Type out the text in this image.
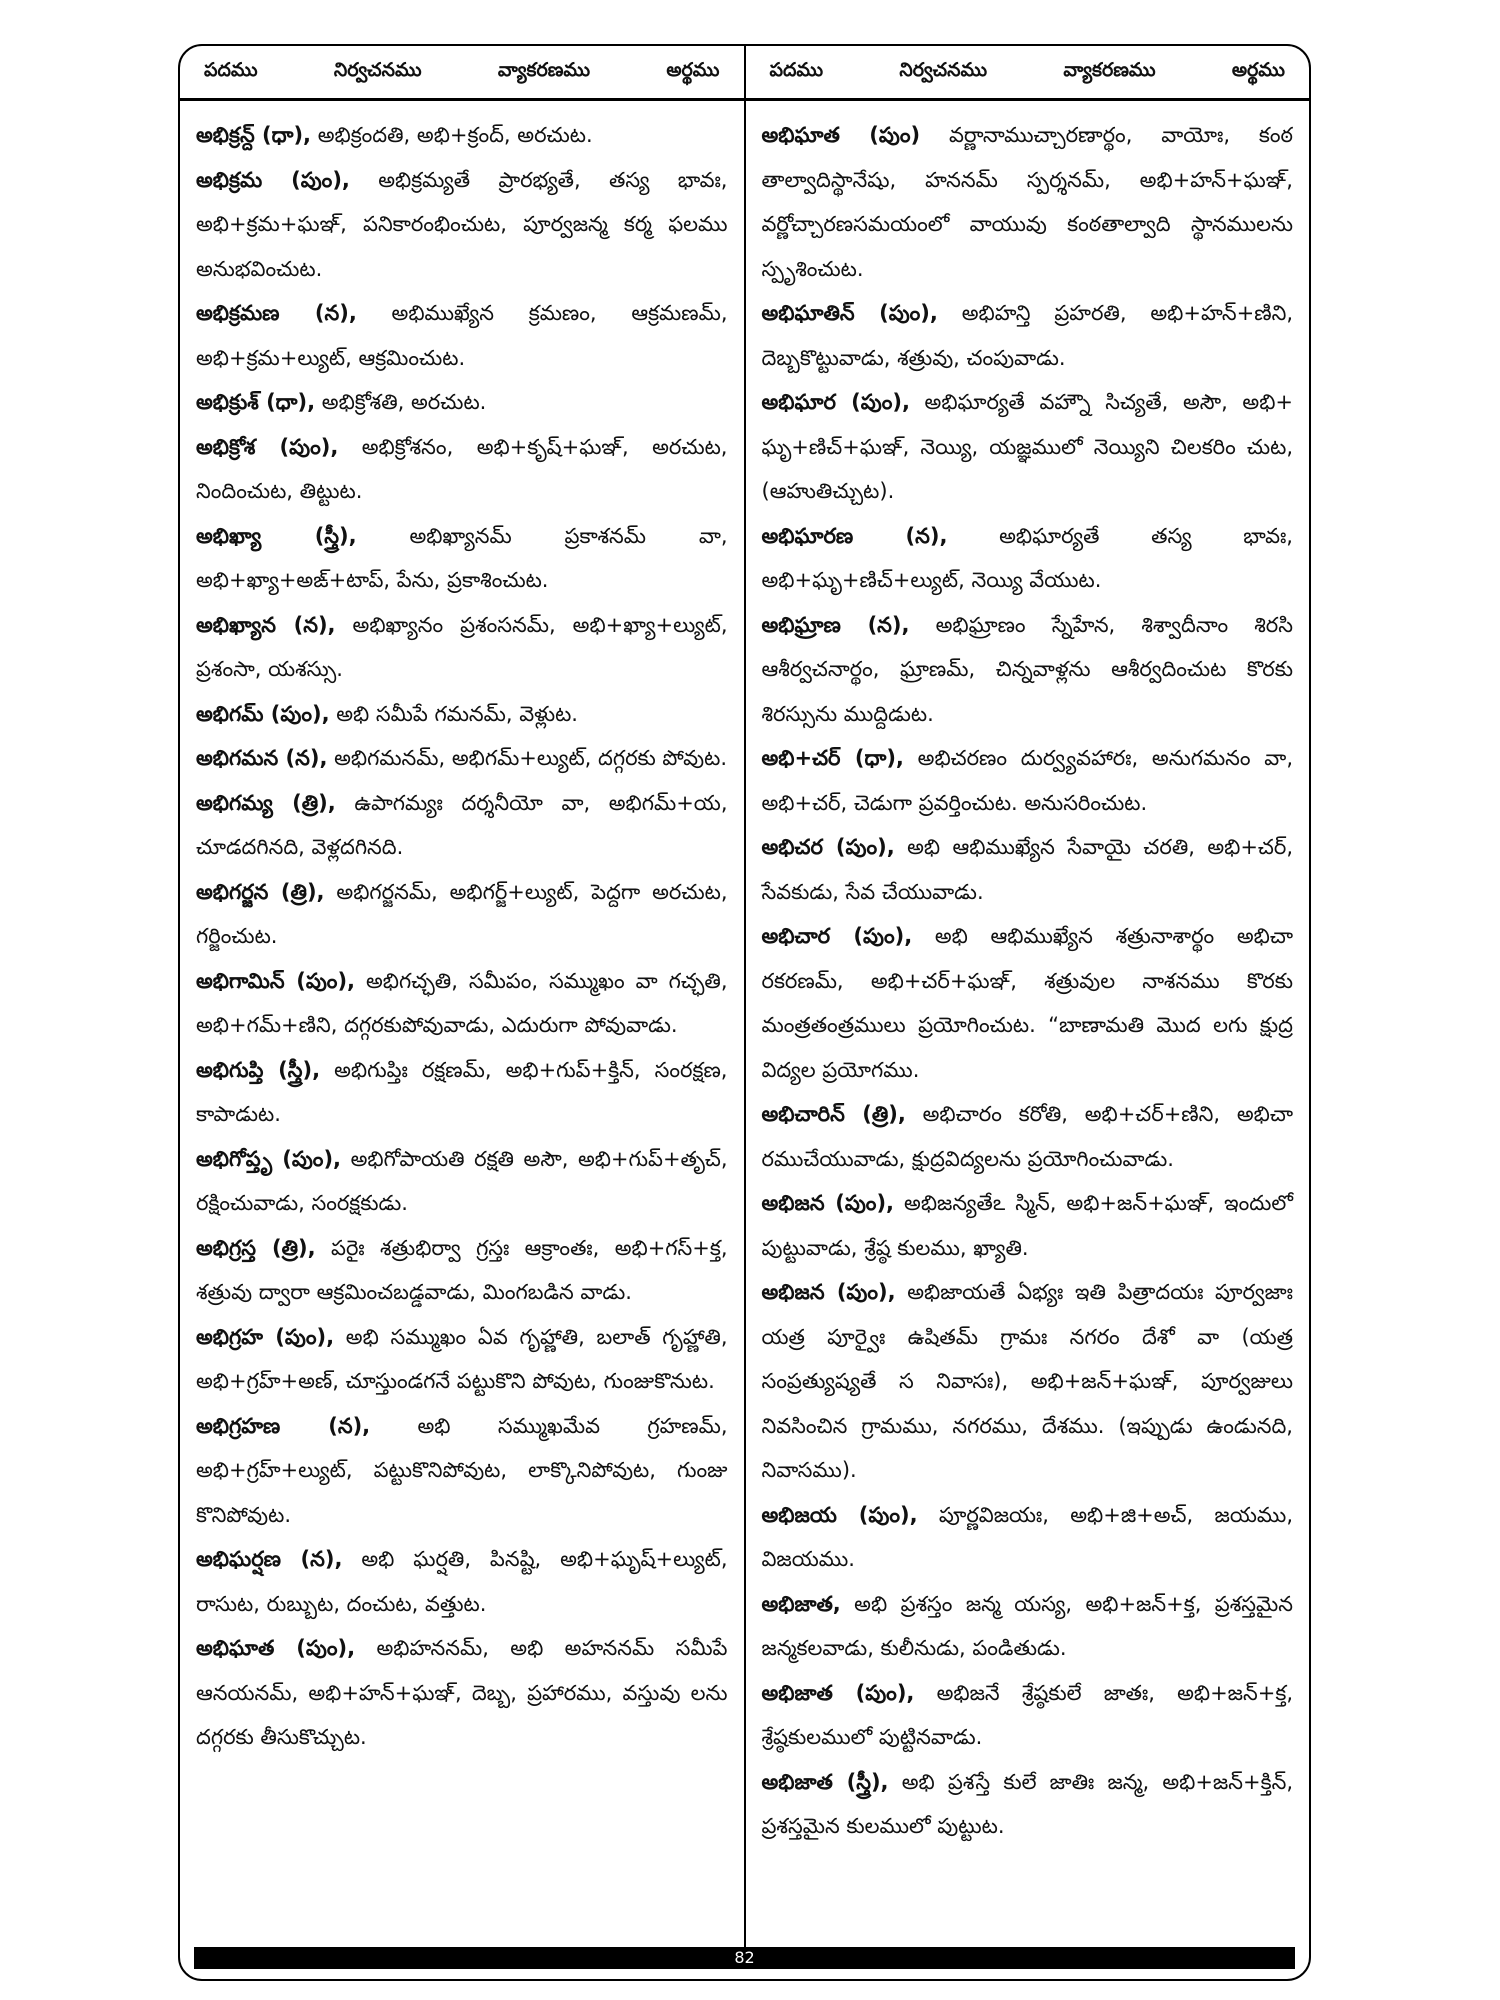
పదము	నిర్వచనము	వ్యాకరణము	అర్థము	పదము	నిర్వచనము	వ్యాకరణము	అర్థము

అభిక్రన్ద్ (ధా), అభిక్రందతి, అభి+క్రంద్, అరచుట.

అభిక్రమ (పుం), అభిక్రమ్యతే ప్రారభ్యతే, తస్య భావః, అభి+క్రమ+ఘఞ్, పనికారంభించుట, పూర్వజన్మ కర్మ ఫలము అనుభవించుట.

అభిక్రమణ (న), అభిముఖ్యేన క్రమణం, ఆక్రమణమ్, అభి+క్రమ+ల్యుట్, ఆక్రమించుట.

అభిక్రుశ్ (ధా), అభిక్రోశతి, అరచుట.

అభిక్రోశ (పుం), అభిక్రోశనం, అభి+కృష్+ఘఞ్, అరచుట, నిందించుట, తిట్టుట.

అభిఖ్యా (స్త్రీ), అభిఖ్యానమ్ ప్రకాశనమ్ వా, అభి+ఖ్యా+అఙ్+టాప్, పేను, ప్రకాశించుట.

అభిఖ్యాన (న), అభిఖ్యానం ప్రశంసనమ్, అభి+ఖ్యా+ల్యుట్, ప్రశంసా, యశస్సు.

అభిగమ్ (పుం), అభి సమీపే గమనమ్, వెళ్లుట.

అభిగమన (న), అభిగమనమ్, అభిగమ్+ల్యుట్, దగ్గరకు పోవుట.

అభిగమ్య (త్రి), ఉపాగమ్యః దర్శనీయో వా, అభిగమ్+య, చూడదగినది, వెళ్లదగినది.

అభిగర్జన (త్రి), అభిగర్జనమ్, అభిగర్జ్+ల్యుట్, పెద్దగా అరచుట, గర్జించుట.

అభిగామిన్ (పుం), అభిగచ్ఛతి, సమీపం, సమ్ముఖం వా గచ్ఛతి, అభి+గమ్+ణిని, దగ్గరకుపోవువాడు, ఎదురుగా పోవువాడు.

అభిగుప్తి (స్త్రీ), అభిగుప్తిః రక్షణమ్, అభి+గుప్+క్తిన్, సంరక్షణ, కాపాడుట.

అభిగోప్తృ (పుం), అభిగోపాయతి రక్షతి అసౌ, అభి+గుప్+తృచ్, రక్షించువాడు, సంరక్షకుడు.

అభిగ్రస్త (త్రి), పరైః శత్రుభిర్వా గ్రస్తః ఆక్రాంతః, అభి+గస్+క్త, శత్రువు ద్వారా ఆక్రమించబడ్డవాడు, మింగబడిన వాడు.

అభిగ్రహ (పుం), అభి సమ్ముఖం ఏవ గృహ్ణాతి, బలాత్ గృహ్ణాతి, అభి+గ్రహ్+అణ్, చూస్తుండగనే పట్టుకొని పోవుట, గుంజుకొనుట.

అభిగ్రహణ (న), అభి సమ్ముఖమేవ గ్రహణమ్, అభి+గ్రహ్+ల్యుట్, పట్టుకొనిపోవుట, లాక్కొనిపోవుట, గుంజు కొనిపోవుట.

అభిఘర్షణ (న), అభి ఘర్షతి, పినష్టి, అభి+ఘృష్+ల్యుట్, రాసుట, రుబ్బుట, దంచుట, వత్తుట.

అభిఘాత (పుం), అభిహననమ్, అభి అహననమ్ సమీపే ఆనయనమ్, అభి+హన్+ఘఞ్, దెబ్బ, ప్రహారము, వస్తువు లను దగ్గరకు తీసుకొచ్చుట.

అభిఘాత (పుం) వర్ణానాముచ్చారణార్థం, వాయోః, కంఠ తాల్వాదిస్థానేషు, హననమ్ స్పర్శనమ్, అభి+హన్+ఘఞ్, వర్ణోచ్చారణసమయంలో వాయువు కంఠతాల్వాది స్థానములను స్పృశించుట.

అభిఘాతిన్ (పుం), అభిహన్తి ప్రహరతి, అభి+హన్+ణిని, దెబ్బకొట్టువాడు, శత్రువు, చంపువాడు.

అభిఘార (పుం), అభిఘార్యతే వహ్నౌ సిచ్యతే, అసౌ, అభి+ ఘృ+ణిచ్+ఘఞ్, నెయ్యి, యజ్ఞములో నెయ్యిని చిలకరిం చుట, (ఆహుతిచ్చుట).

అభిఘారణ (న), అభిఘార్యతే తస్య భావః, అభి+ఘృ+ణిచ్+ల్యుట్, నెయ్యి వేయుట.

అభిఘ్రాణ (న), అభిఘ్రాణం స్నేహేన, శిశ్వాదీనాం శిరసి ఆశీర్వచనార్థం, ఘ్రాణమ్, చిన్నవాళ్లను ఆశీర్వదించుట కొరకు శిరస్సును ముద్దిడుట.

అభి+చర్ (ధా), అభిచరణం దుర్వ్యవహారః, అనుగమనం వా, అభి+చర్, చెడుగా ప్రవర్తించుట. అనుసరించుట.

అభిచర (పుం), అభి ఆభిముఖ్యేన సేవాయై చరతి, అభి+చర్, సేవకుడు, సేవ చేయువాడు.

అభిచార (పుం), అభి ఆభిముఖ్యేన శత్రునాశార్థం అభిచా రకరణమ్, అభి+చర్+ఘఞ్, శత్రువుల నాశనము కొరకు మంత్రతంత్రములు ప్రయోగించుట. “బాణామతి మొద లగు క్షుద్ర విద్యల ప్రయోగము.

అభిచారిన్ (త్రి), అభిచారం కరోతి, అభి+చర్+ణిని, అభిచా రముచేయువాడు, క్షుద్రవిద్యలను ప్రయోగించువాడు.

అభిజన (పుం), అభిజన్యతేఽ స్మిన్, అభి+జన్+ఘఞ్, ఇందులో పుట్టువాడు, శ్రేష్ఠ కులము, ఖ్యాతి.

అభిజన (పుం), అభిజాయతే ఏభ్యః ఇతి పిత్రాదయః పూర్వజాః యత్ర పూర్వైః ఉషితమ్ గ్రామః నగరం దేశో వా (యత్ర సంప్రత్యుష్యతే స నివాసః), అభి+జన్+ఘఞ్, పూర్వజులు నివసించిన గ్రామము, నగరము, దేశము. (ఇప్పుడు ఉండునది, నివాసము).

అభిజయ (పుం), పూర్ణవిజయః, అభి+జి+అచ్, జయము, విజయము.

అభిజాత, అభి ప్రశస్తం జన్మ యస్య, అభి+జన్+క్త, ప్రశస్తమైన జన్మకలవాడు, కులీనుడు, పండితుడు.

అభిజాత (పుం), అభిజనే శ్రేష్ఠకులే జాతః, అభి+జన్+క్త, శ్రేష్ఠకులములో పుట్టినవాడు.

అభిజాత (స్త్రీ), అభి ప్రశస్తే కులే జాతిః జన్మ, అభి+జన్+క్తిన్, ప్రశస్తమైన కులములో పుట్టుట.

82
